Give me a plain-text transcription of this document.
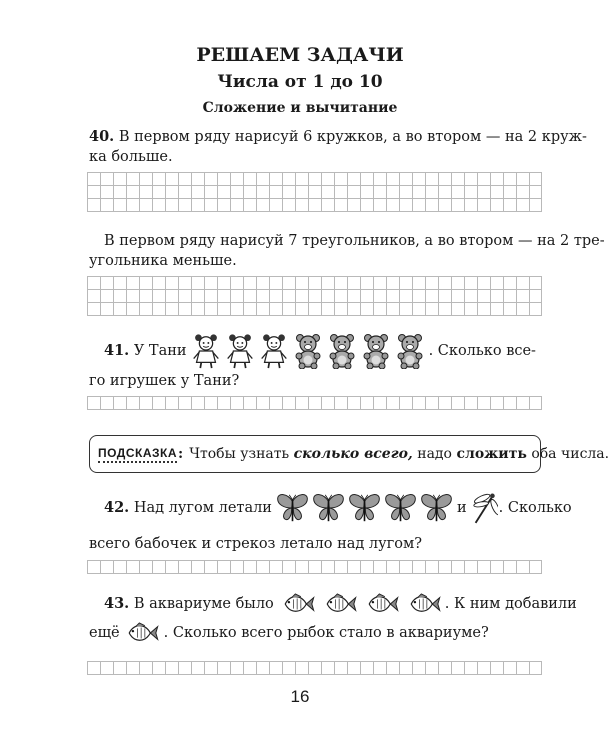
РЕШАЕМ ЗАДАЧИ
Числа от 1 до 10
Сложение и вычитание
40. В первом ряду нарисуй 6 кружков, а во втором — на 2 круж-
ка больше.
В первом ряду нарисуй 7 треугольников, а во втором — на 2 тре-
угольника меньше.
41.
У Тани	. Сколько все-
го игрушек у Тани?
ПОДСКАЗКА : Чтобы узнать сколько всего, надо сложить оба числа.
42.
Над лугом летали	и . Сколько
всего бабочек и стрекоз летало над лугом?
43.
В аквариуме было	. К ним добавили
ещё	. Сколько всего рыбок стало в аквариуме?
16
